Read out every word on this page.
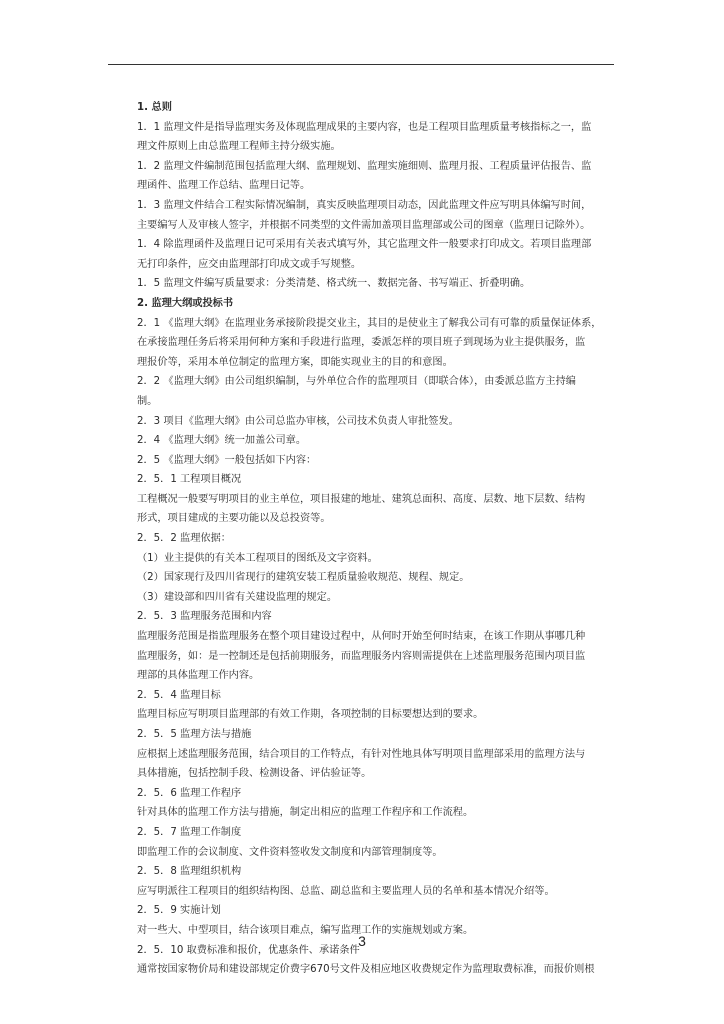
1. 总则
1．1 监理文件是指导监理实务及体现监理成果的主要内容，也是工程项目监理质量考核指标之一，监
理文件原则上由总监理工程师主持分级实施。
1．2 监理文件编制范围包括监理大纲、监理规划、监理实施细则、监理月报、工程质量评估报告、监
理函件、监理工作总结、监理日记等。
1．3 监理文件结合工程实际情况编制，真实反映监理项目动态，因此监理文件应写明具体编写时间，
主要编写人及审核人签字，并根据不同类型的文件需加盖项目监理部或公司的图章（监理日记除外）。
1．4 除监理函件及监理日记可采用有关表式填写外，其它监理文件一般要求打印成文。若项目监理部
无打印条件，应交由监理部打印成文或手写规整。
1．5 监理文件编写质量要求：分类清楚、格式统一、数据完备、书写端正、折叠明确。
2. 监理大纲或投标书
2．1 《监理大纲》在监理业务承接阶段提交业主，其目的是使业主了解我公司有可靠的质量保证体系，
在承接监理任务后将采用何种方案和手段进行监理，委派怎样的项目班子到现场为业主提供服务，监
理报价等，采用本单位制定的监理方案，即能实现业主的目的和意图。
2．2 《监理大纲》由公司组织编制，与外单位合作的监理项目（即联合体），由委派总监方主持编
制。
2．3 项目《监理大纲》由公司总监办审核，公司技术负责人审批签发。
2．4 《监理大纲》统一加盖公司章。
2．5 《监理大纲》一般包括如下内容：
2．5．1 工程项目概况
工程概况一般要写明项目的业主单位，项目报建的地址、建筑总面积、高度、层数、地下层数、结构
形式，项目建成的主要功能以及总投资等。
2．5．2 监理依据：
（1）业主提供的有关本工程项目的图纸及文字资料。
（2）国家现行及四川省现行的建筑安装工程质量验收规范、规程、规定。
（3）建设部和四川省有关建设监理的规定。
2．5．3 监理服务范围和内容
监理服务范围是指监理服务在整个项目建设过程中，从何时开始至何时结束，在该工作期从事哪几种
监理服务，如：是一控制还是包括前期服务，而监理服务内容则需提供在上述监理服务范围内项目监
理部的具体监理工作内容。
2．5．4 监理目标
监理目标应写明项目监理部的有效工作期，各项控制的目标要想达到的要求。
2．5．5 监理方法与措施
应根据上述监理服务范围，结合项目的工作特点，有针对性地具体写明项目监理部采用的监理方法与
具体措施，包括控制手段、检测设备、评估验证等。
2．5．6 监理工作程序
针对具体的监理工作方法与措施，制定出相应的监理工作程序和工作流程。
2．5．7 监理工作制度
即监理工作的会议制度、文件资料签收发文制度和内部管理制度等。
2．5．8 监理组织机构
应写明派往工程项目的组织结构图、总监、副总监和主要监理人员的名单和基本情况介绍等。
2．5．9 实施计划
对一些大、中型项目，结合该项目难点，编写监理工作的实施规划或方案。
2．5．10 取费标准和报价，优惠条件、承诺条件
通常按国家物价局和建设部规定价费字670号文件及相应地区收费规定作为监理取费标准，而报价则根
3
